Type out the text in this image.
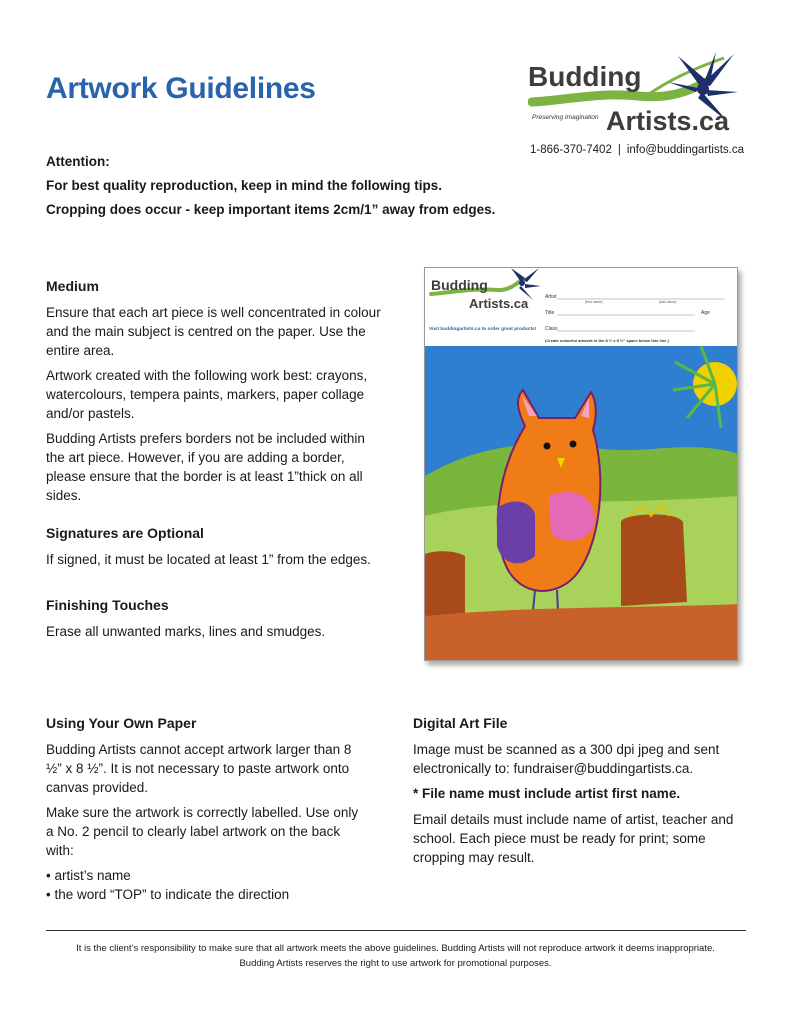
Artwork Guidelines	Budding
Artists.ca
Preserving Imagination
1-866-370-7402 | info@buddingartists.ca
Attention:
For best quality reproduction, keep in mind the following tips.
Cropping does occur - keep important items 2cm/1” away from edges.
Medium

Ensure that each art piece is well concentrated in colour and the main subject is centred on the paper. Use the entire area.

Artwork created with the following work best: crayons, watercolours, tempera paints, markers, paper collage and/or pastels.

Budding Artists prefers borders not be included within the art piece. However, if you are adding a border, please ensure that the border is at least 1”thick on all sides.

Signatures are Optional

If signed, it must be located at least 1” from the edges.

Finishing Touches

Erase all unwanted marks, lines and smudges.

Budding
Artists.ca
Visit buddingartists.ca to order great products!
Artist
(first name)	(last name)
Title	Age
Class
(Create colourful artwork in the 8 ½ x 8 ½” space below this line.)
Using Your Own Paper

Budding Artists cannot accept artwork larger than 8 ½” x 8 ½”. It is not necessary to paste artwork onto canvas provided.

Make sure the artwork is correctly labelled. Use only a No. 2 pencil to clearly label artwork on the back with:

• artist’s name
• the word “TOP” to indicate the direction
Digital Art File

Image must be scanned as a 300 dpi jpeg and sent electronically to: fundraiser@buddingartists.ca.

* File name must include artist first name.

Email details must include name of artist, teacher and school. Each piece must be ready for print; some cropping may result.

It is the client’s responsibility to make sure that all artwork meets the above guidelines. Budding Artists will not reproduce artwork it deems inappropriate.
Budding Artists reserves the right to use artwork for promotional purposes.
